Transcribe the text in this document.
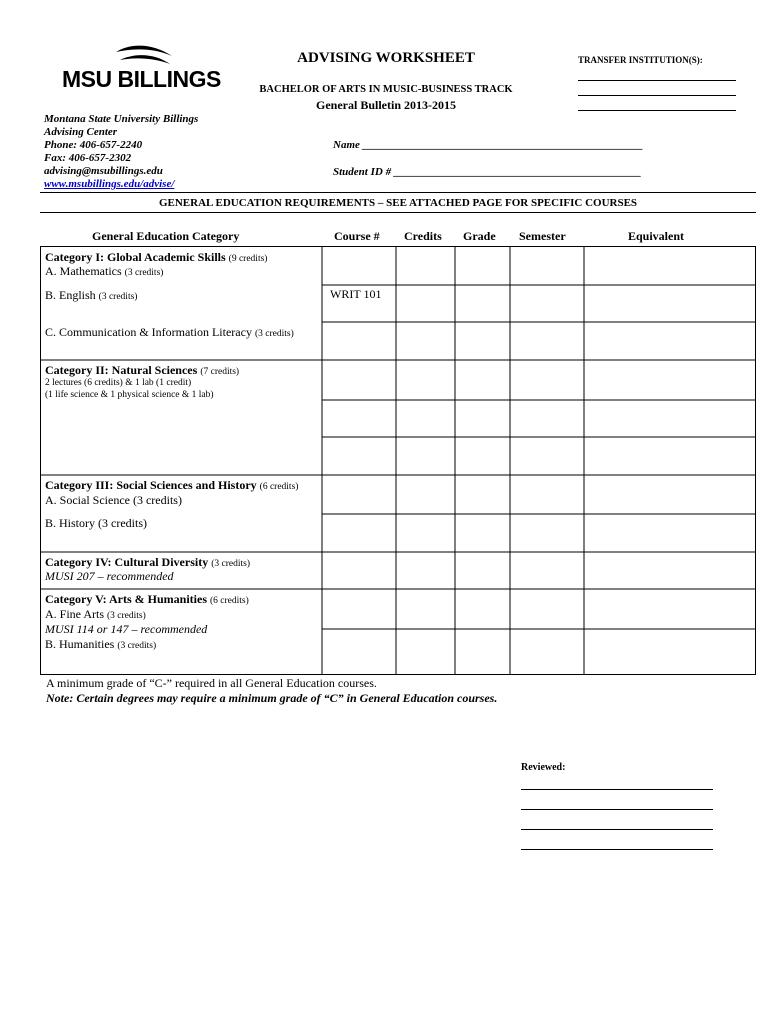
MSU BILLINGS
ADVISING WORKSHEET
BACHELOR OF ARTS IN MUSIC-BUSINESS TRACK
General Bulletin 2013-2015
TRANSFER INSTITUTION(S):
Montana State University Billings
Advising Center
Phone: 406-657-2240
Fax: 406-657-2302
advising@msubillings.edu
www.msubillings.edu/advise/
Name ___________________________________________________
Student ID # _____________________________________________
GENERAL EDUCATION REQUIREMENTS – SEE ATTACHED PAGE FOR SPECIFIC COURSES
General Education Category	Course # Credits Grade Semester	Equivalent
Category I: Global Academic Skills (9 credits)
A. Mathematics (3 credits)
B. English (3 credits)	WRIT 101
C. Communication & Information Literacy (3 credits)
Category II: Natural Sciences (7 credits)
2 lectures (6 credits) & 1 lab (1 credit)
(1 life science & 1 physical science & 1 lab)
Category III: Social Sciences and History (6 credits)
A. Social Science (3 credits)
B. History (3 credits)
Category IV: Cultural Diversity (3 credits)
MUSI 207 – recommended
Category V: Arts & Humanities (6 credits)
A. Fine Arts (3 credits)
MUSI 114 or 147 – recommended
B. Humanities (3 credits)
A minimum grade of “C-” required in all General Education courses.
Note: Certain degrees may require a minimum grade of “C” in General Education courses.
Reviewed:
